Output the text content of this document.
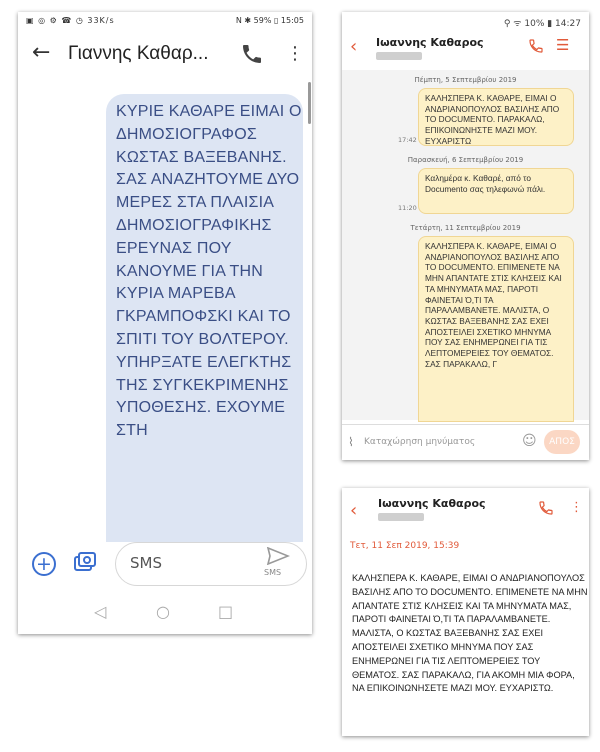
▣ ◎ ⚙ ☎ ◷ 33K/s	N ✱ 59% ▯ 15:05
← Γιαννης Καθαρ...	⋮
ΚΥΡΙΕ ΚΑΘΑΡΕ ΕΙΜΑΙ Ο ΔΗΜΟΣΙΟΓΡΑΦΟΣ ΚΩΣΤΑΣ ΒΑΞΕΒΑΝΗΣ. ΣΑΣ ΑΝΑΖΗΤΟΥΜΕ ΔΥΟ ΜΕΡΕΣ ΣΤΑ ΠΛΑΙΣΙΑ ΔΗΜΟΣΙΟΓΡΑΦΙΚΗΣ ΕΡΕΥΝΑΣ ΠΟΥ ΚΑΝΟΥΜΕ ΓΙΑ ΤΗΝ ΚΥΡΙΑ ΜΑΡΕΒΑ ΓΚΡΑΜΠΟΦΣΚΙ ΚΑΙ ΤΟ ΣΠΙΤΙ ΤΟΥ ΒΟΛΤΕΡΟΥ. ΥΠΗΡΞΑΤΕ ΕΛΕΓΚΤΗΣ ΤΗΣ ΣΥΓΚΕΚΡΙΜΕΝΗΣ ΥΠΟΘΕΣΗΣ. ΕΧΟΥΜΕ ΣΤΗ
+	SMS
SMS
◁	○	□
⚲ ᯤ 10% ▮ 14:27
‹ Ιωαννης Καθαρος	☰
Πέμπτη, 5 Σεπτεμβρίου 2019
ΚΑΛΗΣΠΕΡΑ Κ. ΚΑΘΑΡΕ, ΕΙΜΑΙ Ο ΑΝΔΡΙΑΝΟΠΟΥΛΟΣ ΒΑΣΙΛΗΣ ΑΠΟ ΤΟ DOCUMENTO. ΠΑΡΑΚΑΛΩ, ΕΠΙΚΟΙΝΩΝΗΣΤΕ ΜΑΖΙ ΜΟΥ. ΕΥΧΑΡΙΣΤΩ
17:42
Παρασκευή, 6 Σεπτεμβρίου 2019
Καλημέρα κ. Καθαρέ, από το Documento σας τηλεφωνώ πάλι.
11:20
Τετάρτη, 11 Σεπτεμβρίου 2019
ΚΑΛΗΣΠΕΡΑ Κ. ΚΑΘΑΡΕ, ΕΙΜΑΙ Ο ΑΝΔΡΙΑΝΟΠΟΥΛΟΣ ΒΑΣΙΛΗΣ ΑΠΟ ΤΟ DOCUMENTO. ΕΠΙΜΕΝΕΤΕ ΝΑ ΜΗΝ ΑΠΑΝΤΑΤΕ ΣΤΙΣ ΚΛΗΣΕΙΣ ΚΑΙ ΤΑ ΜΗΝΥΜΑΤΑ ΜΑΣ, ΠΑΡΟΤΙ ΦΑΙΝΕΤΑΙ Ό,ΤΙ ΤΑ ΠΑΡΑΛΑΜΒΑΝΕΤΕ. ΜΑΛΙΣΤΑ, Ο ΚΩΣΤΑΣ ΒΑΞΕΒΑΝΗΣ ΣΑΣ ΕΧΕΙ ΑΠΟΣΤΕΙΛΕΙ ΣΧΕΤΙΚΟ ΜΗΝΥΜΑ ΠΟΥ ΣΑΣ ΕΝΗΜΕΡΩΝΕΙ ΓΙΑ ΤΙΣ ΛΕΠΤΟΜΕΡΕΙΕΣ ΤΟΥ ΘΕΜΑΤΟΣ. ΣΑΣ ΠΑΡΑΚΑΛΩ, Γ
⌇ Καταχώρηση μηνύματος	☺	ΑΠΟΣ
‹ Ιωαννης Καθαρος	⋮
Τετ, 11 Σεπ 2019, 15:39
ΚΑΛΗΣΠΕΡΑ Κ. ΚΑΘΑΡΕ, ΕΙΜΑΙ Ο ΑΝΔΡΙΑΝΟΠΟΥΛΟΣ ΒΑΣΙΛΗΣ ΑΠΟ ΤΟ DOCUMENTO. ΕΠΙΜΕΝΕΤΕ ΝΑ ΜΗΝ ΑΠΑΝΤΑΤΕ ΣΤΙΣ ΚΛΗΣΕΙΣ ΚΑΙ ΤΑ ΜΗΝΥΜΑΤΑ ΜΑΣ, ΠΑΡΟΤΙ ΦΑΙΝΕΤΑΙ Ό,ΤΙ ΤΑ ΠΑΡΑΛΑΜΒΑΝΕΤΕ. ΜΑΛΙΣΤΑ, Ο ΚΩΣΤΑΣ ΒΑΞΕΒΑΝΗΣ ΣΑΣ ΕΧΕΙ ΑΠΟΣΤΕΙΛΕΙ ΣΧΕΤΙΚΟ ΜΗΝΥΜΑ ΠΟΥ ΣΑΣ ΕΝΗΜΕΡΩΝΕΙ ΓΙΑ ΤΙΣ ΛΕΠΤΟΜΕΡΕΙΕΣ ΤΟΥ ΘΕΜΑΤΟΣ. ΣΑΣ ΠΑΡΑΚΑΛΩ, ΓΙΑ ΑΚΟΜΗ ΜΙΑ ΦΟΡΑ, ΝΑ ΕΠΙΚΟΙΝΩΝΗΣΕΤΕ ΜΑΖΙ ΜΟΥ. ΕΥΧΑΡΙΣΤΩ.
